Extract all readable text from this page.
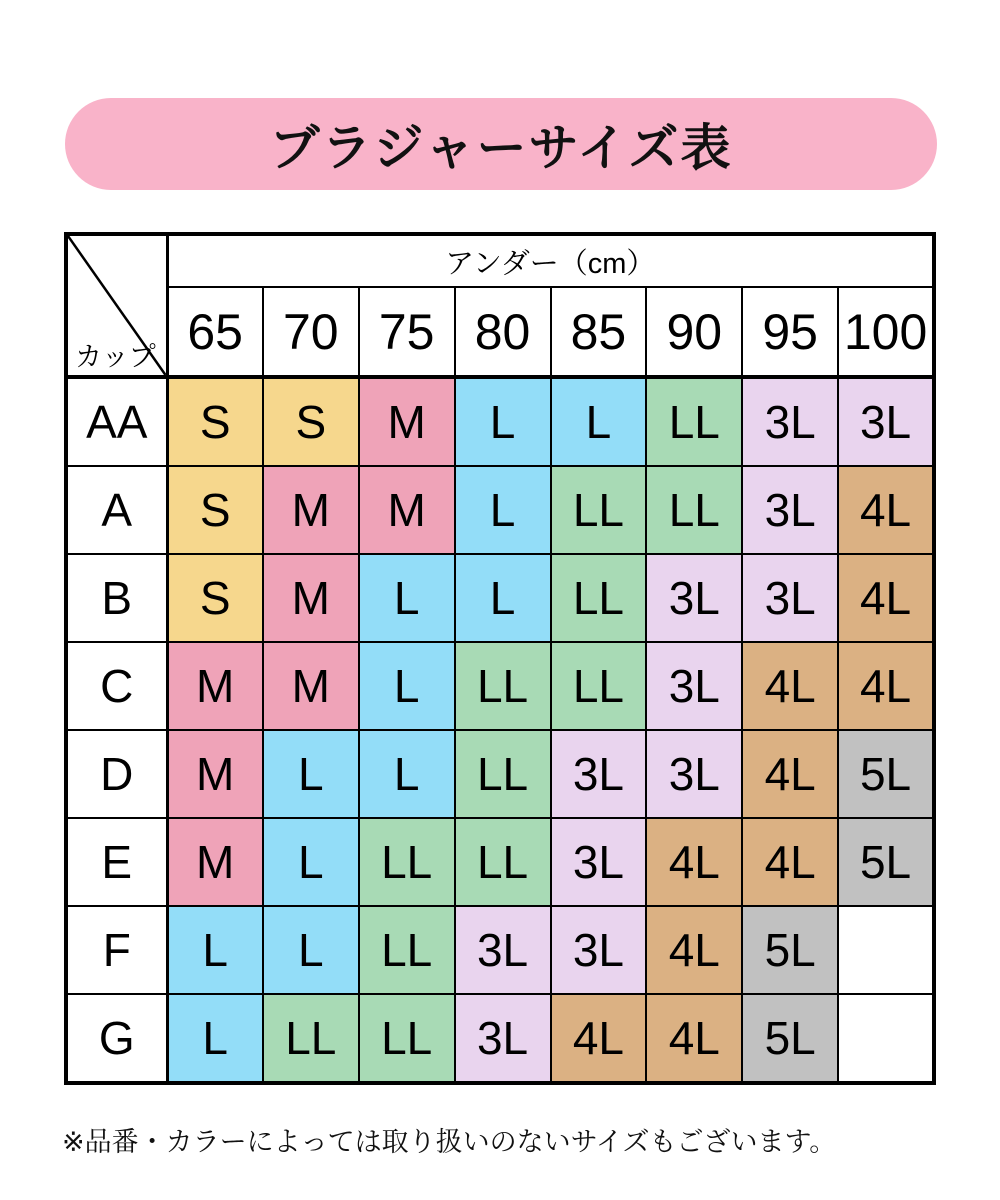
ブラジャーサイズ表
カップ	アンダー（cm）							
	65	70	75	80	85	90	95	100
AA	S	S	M	L	L	LL	3L	3L
A	S	M	M	L	LL	LL	3L	4L
B	S	M	L	L	LL	3L	3L	4L
C	M	M	L	LL	LL	3L	4L	4L
D	M	L	L	LL	3L	3L	4L	5L
E	M	L	LL	LL	3L	4L	4L	5L
F	L	L	LL	3L	3L	4L	5L	
G	L	LL	LL	3L	4L	4L	5L	
※品番・カラーによっては取り扱いのないサイズもございます。
